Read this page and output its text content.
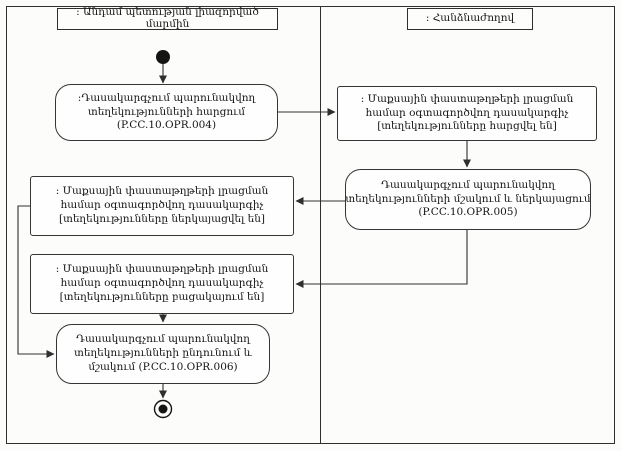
: Անդամ պետության լիազորված մարմին	: Հանձնաժողով
:Դասակարգչում պարունակվող
տեղեկությունների հարցում
(P.CC.10.OPR.004)
: Մաքսային փաստաթղթերի լրացման
համար օգտագործվող դասակարգիչ
[տեղեկությունները հարցվել են]
Դասակարգչում պարունակվող
տեղեկությունների մշակում և ներկայացում
(P.CC.10.OPR.005)
: Մաքսային փաստաթղթերի լրացման
համար օգտագործվող դասակարգիչ
[տեղեկությունները ներկայացվել են]
: Մաքսային փաստաթղթերի լրացման
համար օգտագործվող դասակարգիչ
[տեղեկությունները բացակայում են]
Դասակարգչում պարունակվող
տեղեկությունների ընդունում և
մշակում (P.CC.10.OPR.006)
